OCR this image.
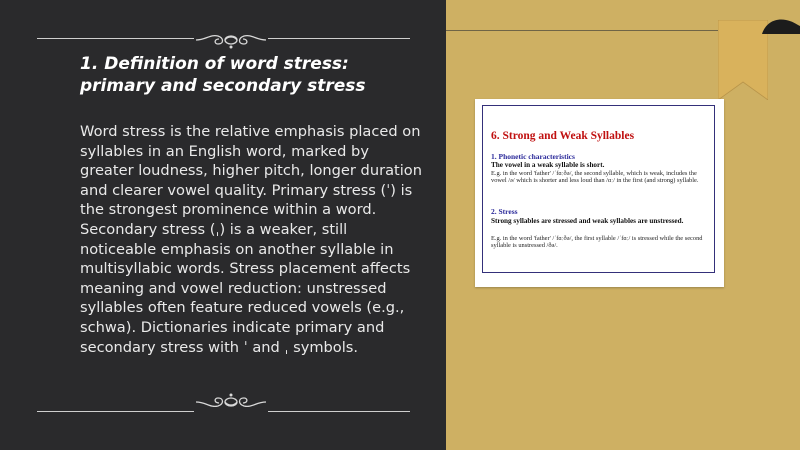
1. Definition of word stress: primary and secondary stress

Word stress is the relative emphasis placed on syllables in an English word, marked by greater loudness, higher pitch, longer duration and clearer vowel quality. Primary stress (ˈ) is the strongest prominence within a word. Secondary stress (ˌ) is a weaker, still noticeable emphasis on another syllable in multisyllabic words. Stress placement affects meaning and vowel reduction: unstressed syllables often feature reduced vowels (e.g., schwa). Dictionaries indicate primary and secondary stress with ˈ and ˌ symbols.

6. Strong and Weak Syllables
1. Phonetic characteristics
The vowel in a weak syllable is short.
E.g. in the word 'father' /ˈfɑːðə/, the second syllable, which is weak, includes the vowel /ə/ which is shorter and less loud than /ɑː/ in the first (and strong) syllable.
2. Stress
Strong syllables are stressed and weak syllables are unstressed.
E.g. in the word 'father' /ˈfɑːðə/, the first syllable /ˈfɑː/ is stressed while the second syllable is unstressed /ðə/.
